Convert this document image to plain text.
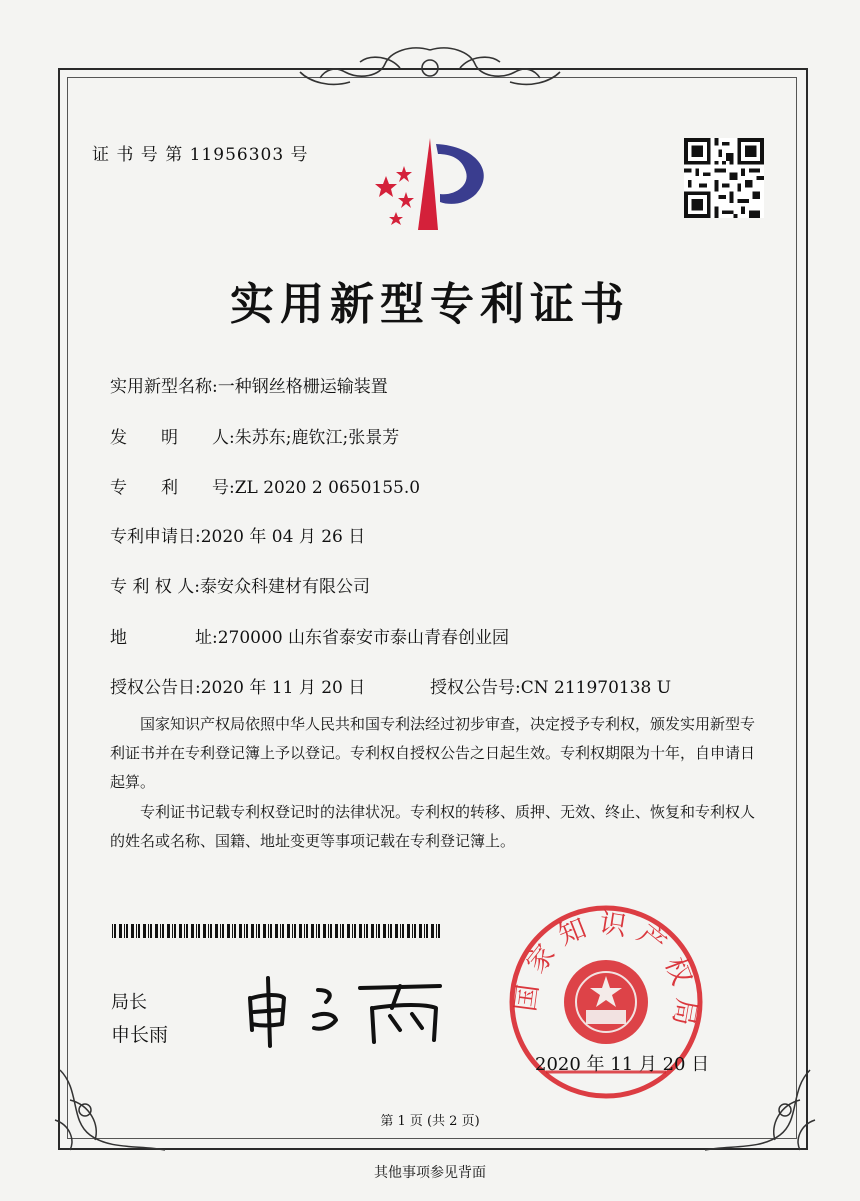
证 书 号 第 11956303 号
实用新型专利证书
实用新型名称:一种钢丝格栅运输装置
发　　明　　人:朱苏东;鹿钦江;张景芳
专　　利　　号:ZL 2020 2 0650155.0
专利申请日:2020 年 04 月 26 日
专 利 权 人:泰安众科建材有限公司
地　　　　址:270000 山东省泰安市泰山青春创业园
授权公告日:2020 年 11 月 20 日	授权公告号:CN 211970138 U
国家知识产权局依照中华人民共和国专利法经过初步审查，决定授予专利权，颁发实用新型专利证书并在专利登记簿上予以登记。专利权自授权公告之日起生效。专利权期限为十年，自申请日起算。
专利证书记载专利权登记时的法律状况。专利权的转移、质押、无效、终止、恢复和专利权人的姓名或名称、国籍、地址变更等事项记载在专利登记簿上。
局长
申长雨
国家知识产权局
2020 年 11 月 20 日
第 1 页 (共 2 页)
其他事项参见背面
